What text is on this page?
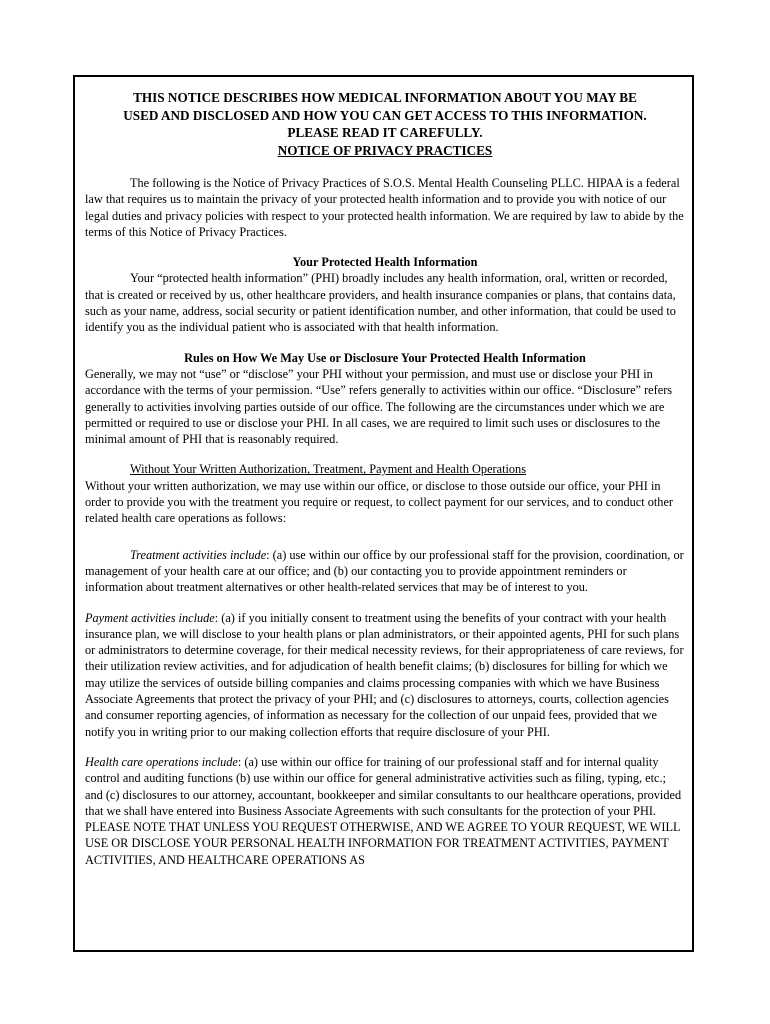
THIS NOTICE DESCRIBES HOW MEDICAL INFORMATION ABOUT YOU MAY BE

USED AND DISCLOSED AND HOW YOU CAN GET ACCESS TO THIS INFORMATION.

PLEASE READ IT CAREFULLY.

NOTICE OF PRIVACY PRACTICES

The following is the Notice of Privacy Practices of S.O.S. Mental Health Counseling PLLC. HIPAA is a federal law that requires us to maintain the privacy of your protected health information and to provide you with notice of our legal duties and privacy policies with respect to your protected health information. We are required by law to abide by the terms of this Notice of Privacy Practices.

Your Protected Health Information

Your “protected health information” (PHI) broadly includes any health information, oral, written or recorded, that is created or received by us, other healthcare providers, and health insurance companies or plans, that contains data, such as your name, address, social security or patient identification number, and other information, that could be used to identify you as the individual patient who is associated with that health information.

Rules on How We May Use or Disclosure Your Protected Health Information

Generally, we may not “use” or “disclose” your PHI without your permission, and must use or disclose your PHI in accordance with the terms of your permission. “Use” refers generally to activities within our office. “Disclosure” refers generally to activities involving parties outside of our office. The following are the circumstances under which we are permitted or required to use or disclose your PHI. In all cases, we are required to limit such uses or disclosures to the minimal amount of PHI that is reasonably required.

Without Your Written Authorization, Treatment, Payment and Health Operations

Without your written authorization, we may use within our office, or disclose to those outside our office, your PHI in order to provide you with the treatment you require or request, to collect payment for our services, and to conduct other related health care operations as follows:

Treatment activities include: (a) use within our office by our professional staff for the provision, coordination, or management of your health care at our office; and (b) our contacting you to provide appointment reminders or information about treatment alternatives or other health-related services that may be of interest to you.

Payment activities include: (a) if you initially consent to treatment using the benefits of your contract with your health insurance plan, we will disclose to your health plans or plan administrators, or their appointed agents, PHI for such plans or administrators to determine coverage, for their medical necessity reviews, for their appropriateness of care reviews, for their utilization review activities, and for adjudication of health benefit claims; (b) disclosures for billing for which we may utilize the services of outside billing companies and claims processing companies with which we have Business Associate Agreements that protect the privacy of your PHI; and (c) disclosures to attorneys, courts, collection agencies and consumer reporting agencies, of information as necessary for the collection of our unpaid fees, provided that we notify you in writing prior to our making collection efforts that require disclosure of your PHI.

Health care operations include: (a) use within our office for training of our professional staff and for internal quality control and auditing functions (b) use within our office for general administrative activities such as filing, typing, etc.; and (c) disclosures to our attorney, accountant, bookkeeper and similar consultants to our healthcare operations, provided that we shall have entered into Business Associate Agreements with such consultants for the protection of your PHI.

PLEASE NOTE THAT UNLESS YOU REQUEST OTHERWISE, AND WE AGREE TO YOUR REQUEST, WE WILL USE OR DISCLOSE YOUR PERSONAL HEALTH INFORMATION FOR TREATMENT ACTIVITIES, PAYMENT ACTIVITIES, AND HEALTHCARE OPERATIONS AS
